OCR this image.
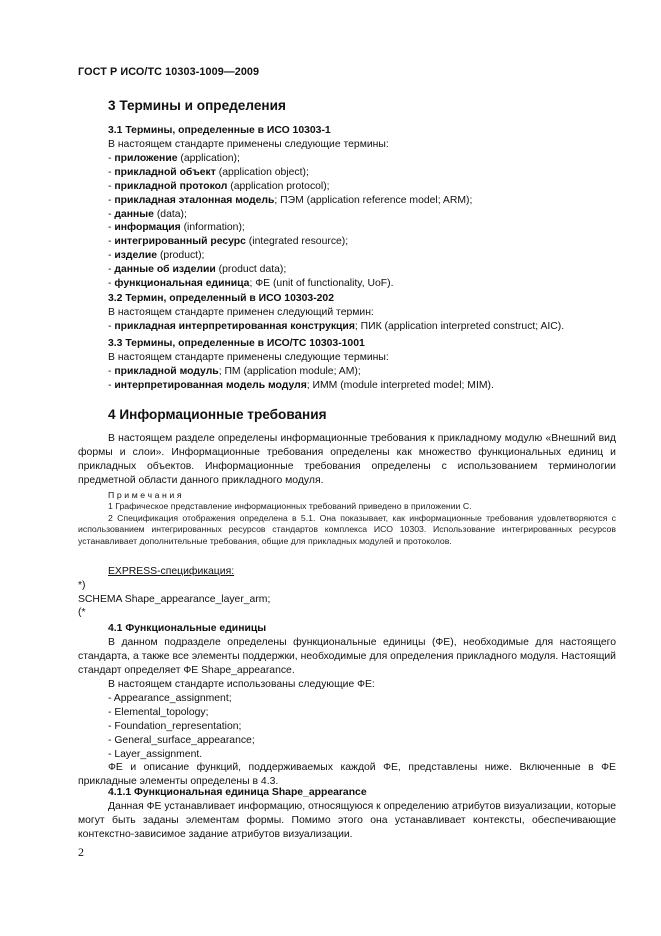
ГОСТ Р ИСО/ТС 10303-1009—2009
3 Термины и определения
3.1 Термины, определенные в ИСО 10303-1
В настоящем стандарте применены следующие термины:
- приложение (application);
- прикладной объект (application object);
- прикладной протокол (application protocol);
- прикладная эталонная модель; ПЭМ (application reference model; ARM);
- данные (data);
- информация (information);
- интегрированный ресурс (integrated resource);
- изделие (product);
- данные об изделии (product data);
- функциональная единица; ФЕ (unit of functionality, UoF).
3.2 Термин, определенный в ИСО 10303-202
В настоящем стандарте применен следующий термин:
- прикладная интерпретированная конструкция; ПИК (application interpreted construct; AIC).
3.3 Термины, определенные в ИСО/ТС 10303-1001
В настоящем стандарте применены следующие термины:
- прикладной модуль; ПМ (application module; AM);
- интерпретированная модель модуля; ИММ (module interpreted model; MIM).
4 Информационные требования

В настоящем разделе определены информационные требования к прикладному модулю «Внешний вид формы и слои». Информационные требования определены как множество функциональных единиц и прикладных объектов. Информационные требования определены с использованием терминологии предметной области данного прикладного модуля.

Примечания

1 Графическое представление информационных требований приведено в приложении С.

2 Спецификация отображения определена в 5.1. Она показывает, как информационные требования удовлетворяются с использованием интегрированных ресурсов стандартов комплекса ИСО 10303. Использование интегрированных ресурсов устанавливает дополнительные требования, общие для прикладных модулей и протоколов.

EXPRESS-спецификация:
*)
SCHEMA Shape_appearance_layer_arm;
(*
4.1 Функциональные единицы

В данном подразделе определены функциональные единицы (ФЕ), необходимые для настоящего стандарта, а также все элементы поддержки, необходимые для определения прикладного модуля. Настоящий стандарт определяет ФЕ Shape_appearance.

В настоящем стандарте использованы следующие ФЕ:
- Appearance_assignment;
- Elemental_topology;
- Foundation_representation;
- General_surface_appearance;
- Layer_assignment.

ФЕ и описание функций, поддерживаемых каждой ФЕ, представлены ниже. Включенные в ФЕ прикладные элементы определены в 4.3.

4.1.1 Функциональная единица Shape_appearance

Данная ФЕ устанавливает информацию, относящуюся к определению атрибутов визуализации, которые могут быть заданы элементам формы. Помимо этого она устанавливает контексты, обеспечивающие контекстно-зависимое задание атрибутов визуализации.

2
